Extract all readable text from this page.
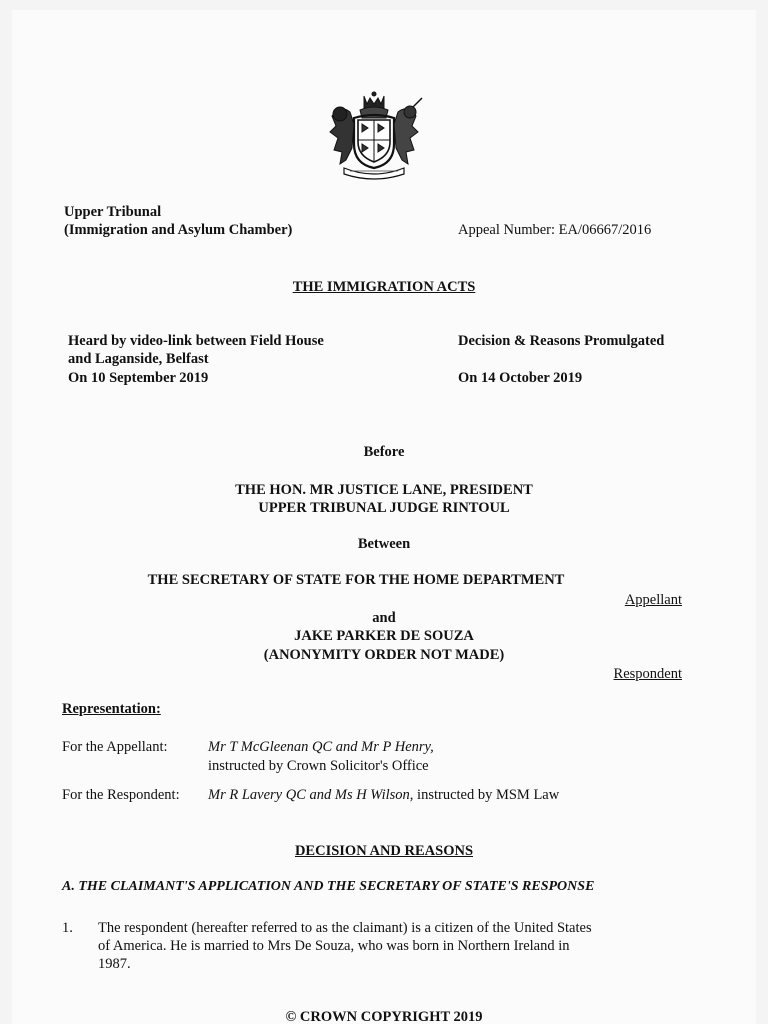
Upper Tribunal
(Immigration and Asylum Chamber)	Appeal Number: EA/06667/2016
THE IMMIGRATION ACTS
Heard by video-link between Field House
and Laganside, Belfast
On 10 September 2019
Decision & Reasons Promulgated
On 14 October 2019
Before
THE HON. MR JUSTICE LANE, PRESIDENT
UPPER TRIBUNAL JUDGE RINTOUL
Between
THE SECRETARY OF STATE FOR THE HOME DEPARTMENT
Appellant
and
JAKE PARKER DE SOUZA
(ANONYMITY ORDER NOT MADE)
Respondent
Representation:
For the Appellant:	Mr T McGleenan QC and Mr P Henry,
instructed by Crown Solicitor's Office
For the Respondent: Mr R Lavery QC and Ms H Wilson, instructed by MSM Law
DECISION AND REASONS
A. THE CLAIMANT'S APPLICATION AND THE SECRETARY OF STATE'S RESPONSE
1. The respondent (hereafter referred to as the claimant) is a citizen of the United States
of America. He is married to Mrs De Souza, who was born in Northern Ireland in
1987.
© CROWN COPYRIGHT 2019
